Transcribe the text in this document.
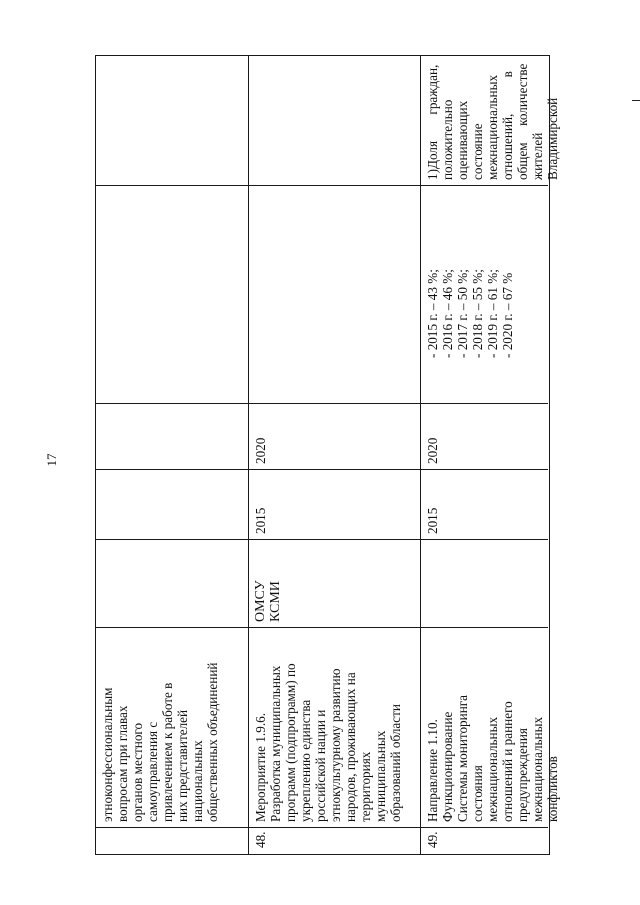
17
этноконфессиональным вопросам при главах органов местного самоуправления с привлечением к работе в них представителей национальных общественных объединений
2020
2015
ОМСУ КСМИ
Мероприятие 1.9.6. Разработка муниципальных программ (подпрограмм) по укреплению единства российской нации и этнокультурному развитию народов, проживающих на территориях муниципальных образований области
48.
1)Доля        граждан, положительно оценивающих состояние межнациональных отношений,           в общем     количестве жителей Владимирской
- 2015 г. – 43 %; - 2016 г. – 46 %; - 2017 г. – 50 %; - 2018 г. – 55 %; - 2019 г. – 61 %; - 2020 г. – 67 %
2020
2015
Направление 1.10. Функционирование Системы мониторинга состояния межнациональных отношений и раннего предупреждения межнациональных конфликтов
49.
